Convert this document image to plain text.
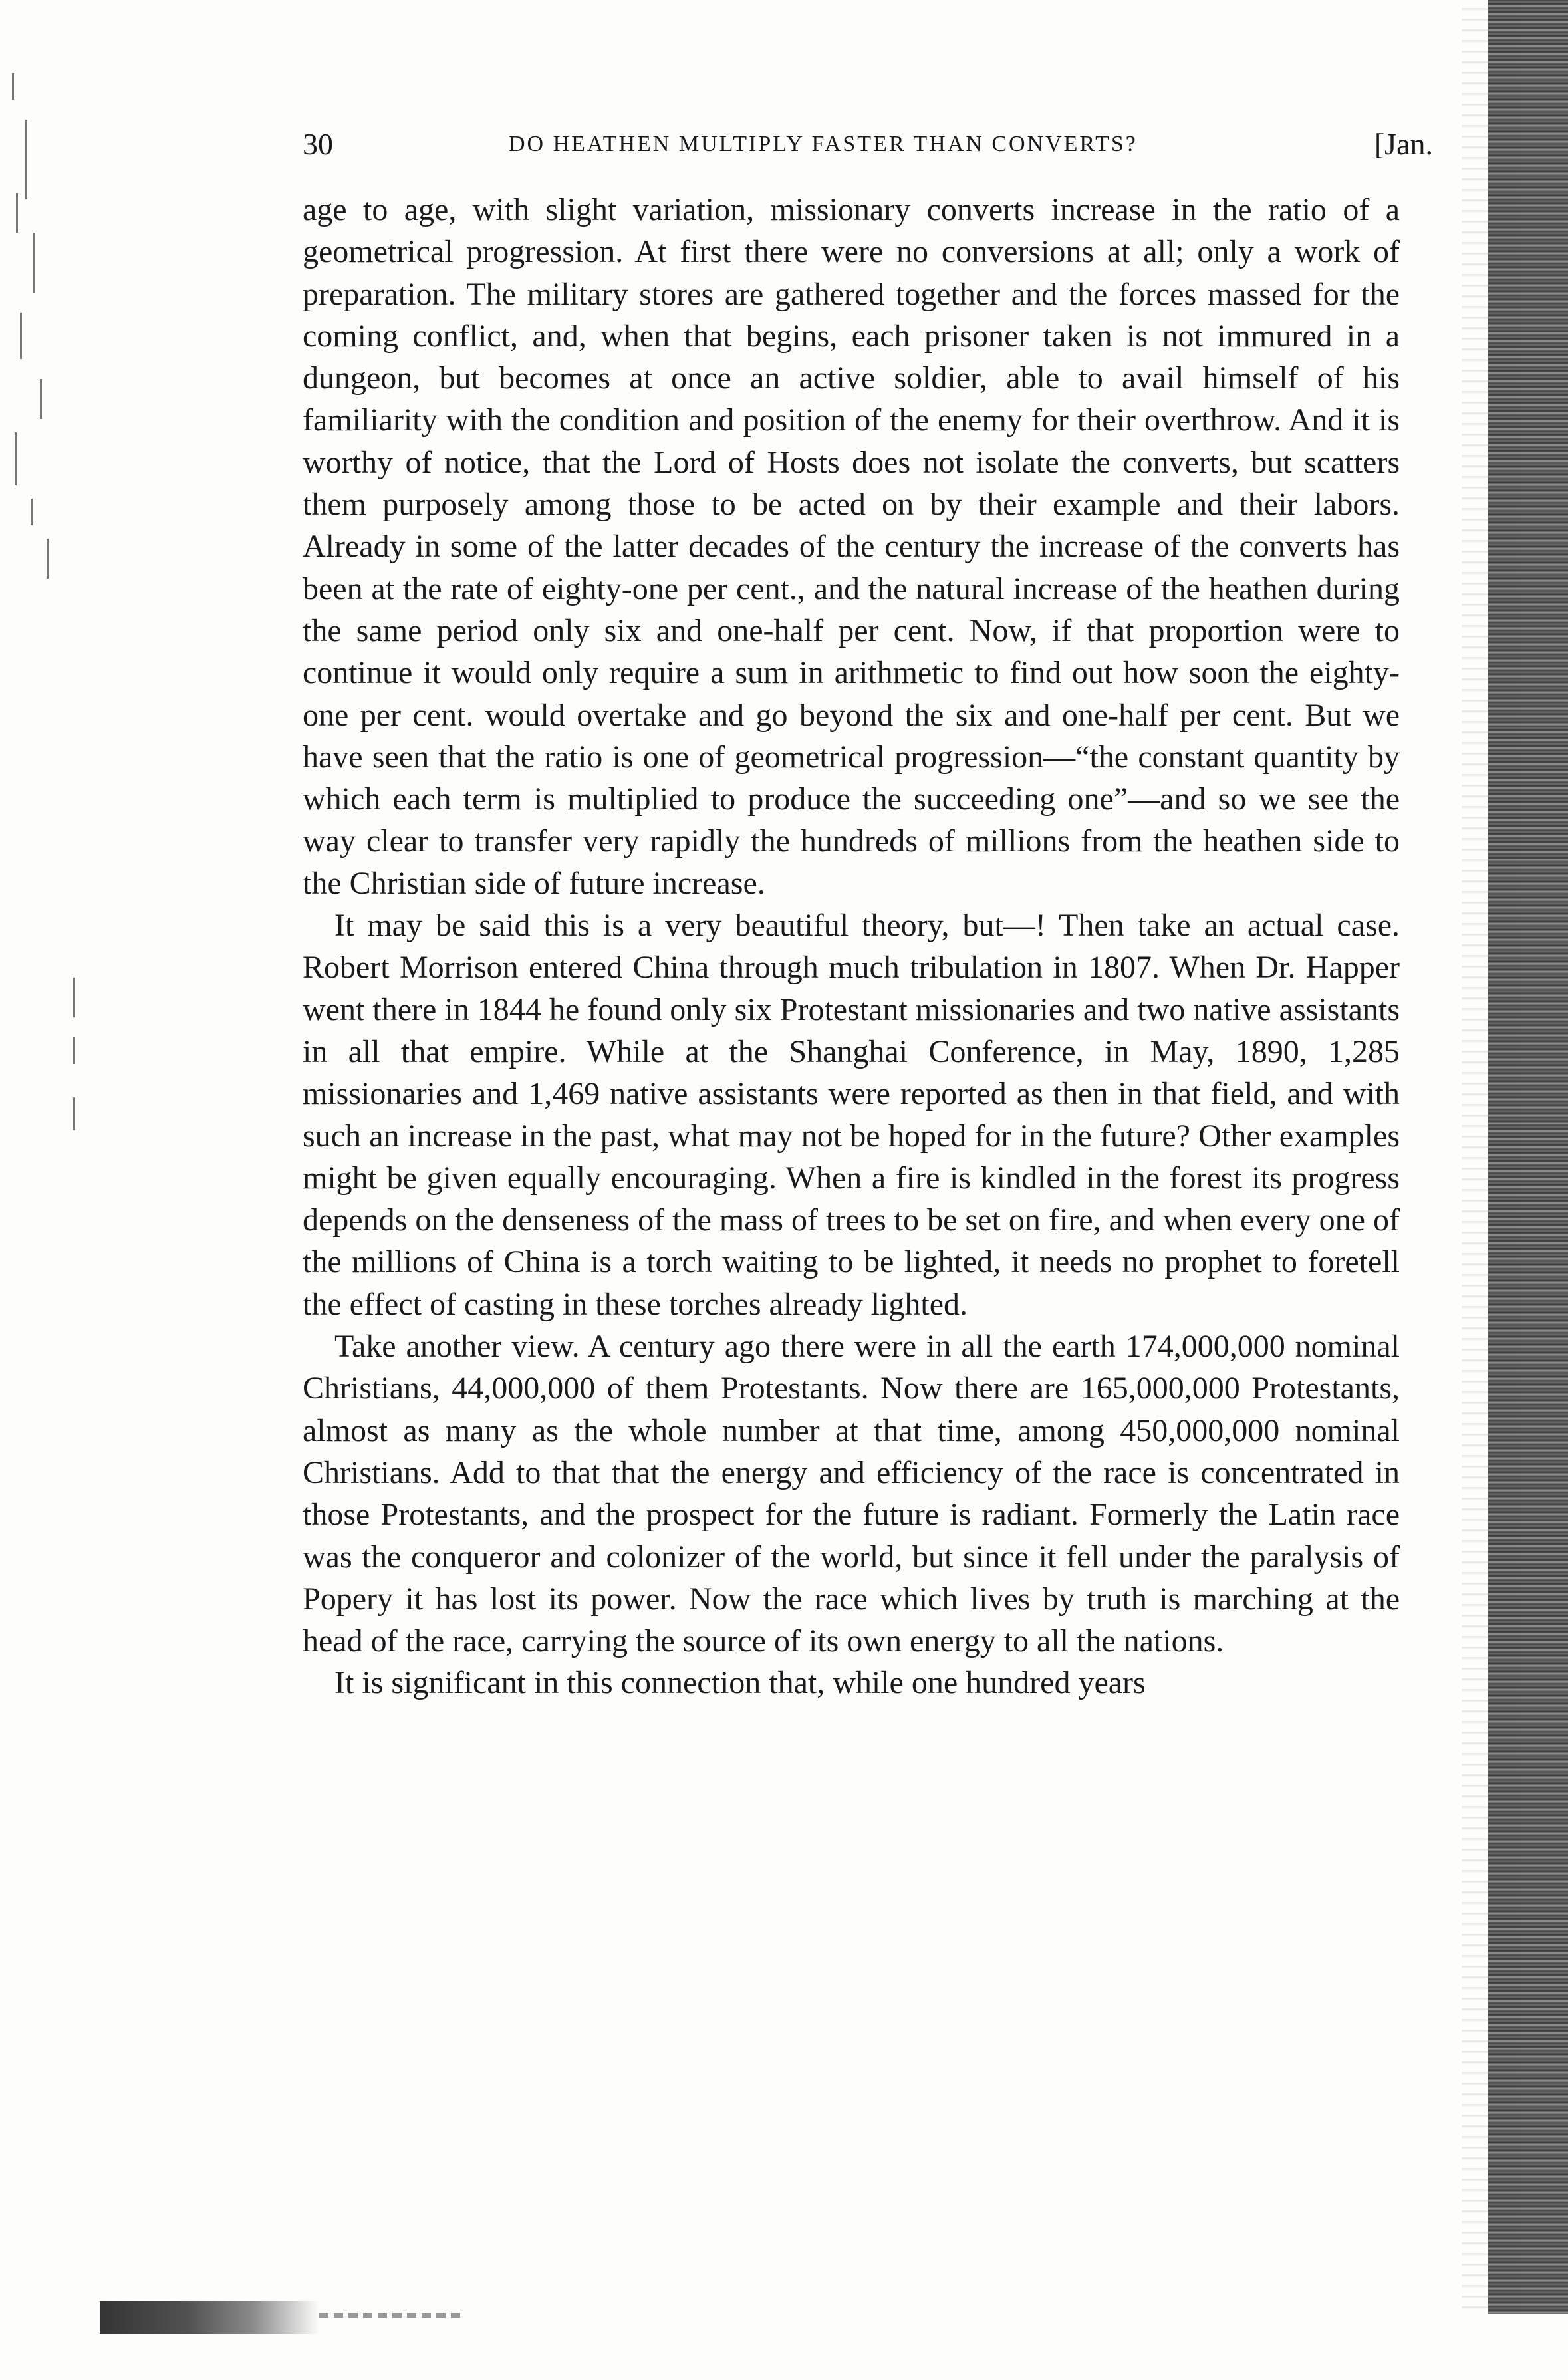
30	DO HEATHEN MULTIPLY FASTER THAN CONVERTS?	[Jan.

age to age, with slight variation, missionary converts increase in the ratio of a geometrical progression. At first there were no conversions at all; only a work of preparation. The military stores are gathered together and the forces massed for the coming conflict, and, when that begins, each prisoner taken is not immured in a dungeon, but becomes at once an active soldier, able to avail himself of his familiarity with the condition and position of the enemy for their overthrow. And it is worthy of notice, that the Lord of Hosts does not isolate the converts, but scatters them purposely among those to be acted on by their example and their labors. Already in some of the latter decades of the century the increase of the converts has been at the rate of eighty-one per cent., and the natural increase of the heathen during the same period only six and one-half per cent. Now, if that proportion were to continue it would only require a sum in arithmetic to find out how soon the eighty-one per cent. would overtake and go beyond the six and one-half per cent. But we have seen that the ratio is one of geometrical progression—“the constant quantity by which each term is multiplied to produce the succeeding one”—and so we see the way clear to transfer very rapidly the hundreds of millions from the heathen side to the Christian side of future increase.

It may be said this is a very beautiful theory, but—! Then take an actual case. Robert Morrison entered China through much tribulation in 1807. When Dr. Happer went there in 1844 he found only six Protestant missionaries and two native assistants in all that empire. While at the Shanghai Conference, in May, 1890, 1,285 missionaries and 1,469 native assistants were reported as then in that field, and with such an increase in the past, what may not be hoped for in the future? Other examples might be given equally encouraging. When a fire is kindled in the forest its progress depends on the denseness of the mass of trees to be set on fire, and when every one of the millions of China is a torch waiting to be lighted, it needs no prophet to foretell the effect of casting in these torches already lighted.

Take another view. A century ago there were in all the earth 174,000,000 nominal Christians, 44,000,000 of them Protestants. Now there are 165,000,000 Protestants, almost as many as the whole number at that time, among 450,000,000 nominal Christians. Add to that that the energy and efficiency of the race is concentrated in those Protestants, and the prospect for the future is radiant. Formerly the Latin race was the conqueror and colonizer of the world, but since it fell under the paralysis of Popery it has lost its power. Now the race which lives by truth is marching at the head of the race, carrying the source of its own energy to all the nations.

It is significant in this connection that, while one hundred years
